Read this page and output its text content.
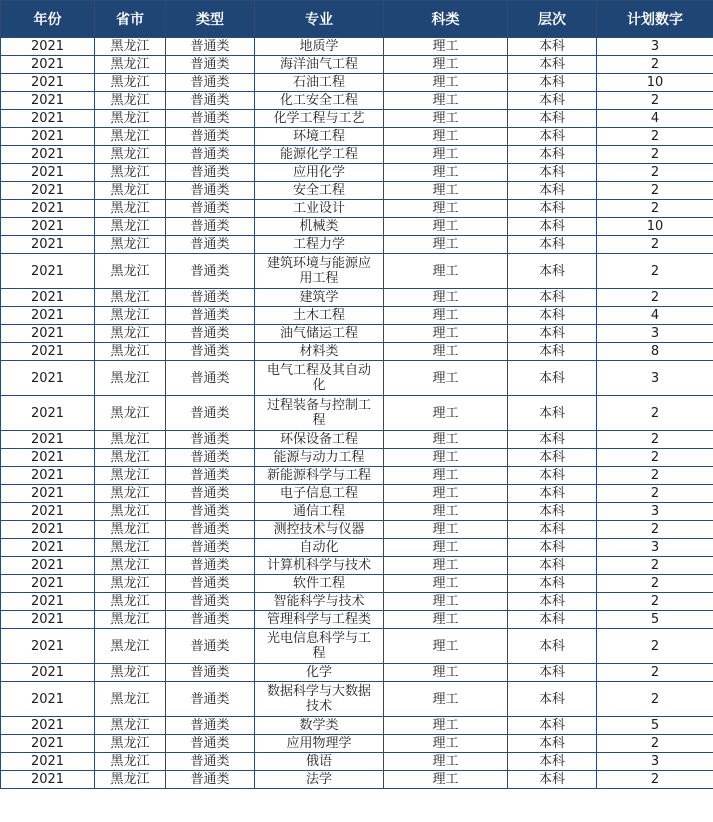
年份	省市	类型	专业	科类	层次	计划数字
2021	黑龙江	普通类	地质学	理工	本科	3
2021	黑龙江	普通类	海洋油气工程	理工	本科	2
2021	黑龙江	普通类	石油工程	理工	本科	10
2021	黑龙江	普通类	化工安全工程	理工	本科	2
2021	黑龙江	普通类	化学工程与工艺	理工	本科	4
2021	黑龙江	普通类	环境工程	理工	本科	2
2021	黑龙江	普通类	能源化学工程	理工	本科	2
2021	黑龙江	普通类	应用化学	理工	本科	2
2021	黑龙江	普通类	安全工程	理工	本科	2
2021	黑龙江	普通类	工业设计	理工	本科	2
2021	黑龙江	普通类	机械类	理工	本科	10
2021	黑龙江	普通类	工程力学	理工	本科	2
2021	黑龙江	普通类	建筑环境与能源应用工程	理工	本科	2
2021	黑龙江	普通类	建筑学	理工	本科	2
2021	黑龙江	普通类	土木工程	理工	本科	4
2021	黑龙江	普通类	油气储运工程	理工	本科	3
2021	黑龙江	普通类	材料类	理工	本科	8
2021	黑龙江	普通类	电气工程及其自动化	理工	本科	3
2021	黑龙江	普通类	过程装备与控制工程	理工	本科	2
2021	黑龙江	普通类	环保设备工程	理工	本科	2
2021	黑龙江	普通类	能源与动力工程	理工	本科	2
2021	黑龙江	普通类	新能源科学与工程	理工	本科	2
2021	黑龙江	普通类	电子信息工程	理工	本科	2
2021	黑龙江	普通类	通信工程	理工	本科	3
2021	黑龙江	普通类	测控技术与仪器	理工	本科	2
2021	黑龙江	普通类	自动化	理工	本科	3
2021	黑龙江	普通类	计算机科学与技术	理工	本科	2
2021	黑龙江	普通类	软件工程	理工	本科	2
2021	黑龙江	普通类	智能科学与技术	理工	本科	2
2021	黑龙江	普通类	管理科学与工程类	理工	本科	5
2021	黑龙江	普通类	光电信息科学与工程	理工	本科	2
2021	黑龙江	普通类	化学	理工	本科	2
2021	黑龙江	普通类	数据科学与大数据技术	理工	本科	2
2021	黑龙江	普通类	数学类	理工	本科	5
2021	黑龙江	普通类	应用物理学	理工	本科	2
2021	黑龙江	普通类	俄语	理工	本科	3
2021	黑龙江	普通类	法学	理工	本科	2
